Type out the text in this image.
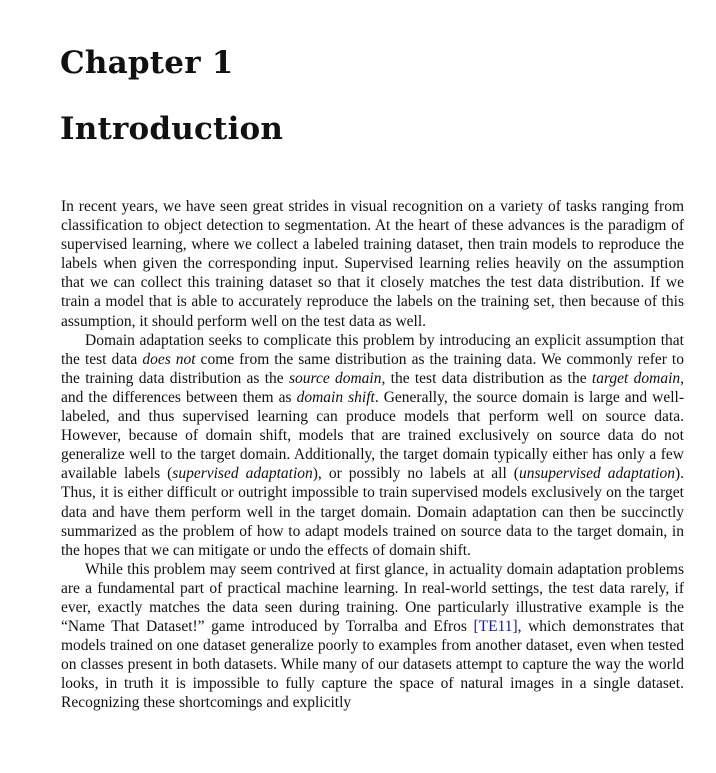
Chapter 1
Introduction

In recent years, we have seen great strides in visual recognition on a variety of tasks ranging from classification to object detection to segmentation. At the heart of these advances is the paradigm of supervised learning, where we collect a labeled training dataset, then train models to reproduce the labels when given the corresponding input. Supervised learning relies heavily on the assumption that we can collect this training dataset so that it closely matches the test data distribution. If we train a model that is able to accurately reproduce the labels on the training set, then because of this assumption, it should perform well on the test data as well.

Domain adaptation seeks to complicate this problem by introducing an explicit assumption that the test data does not come from the same distribution as the training data. We commonly refer to the training data distribution as the source domain, the test data distribution as the target domain, and the differences between them as domain shift. Generally, the source domain is large and well-labeled, and thus supervised learning can produce models that perform well on source data. However, because of domain shift, models that are trained exclusively on source data do not generalize well to the target domain. Additionally, the target domain typically either has only a few available labels (supervised adaptation), or possibly no labels at all (unsupervised adaptation). Thus, it is either difficult or outright impossible to train supervised models exclusively on the target data and have them perform well in the target domain. Domain adaptation can then be succinctly summarized as the problem of how to adapt models trained on source data to the target domain, in the hopes that we can mitigate or undo the effects of domain shift.

While this problem may seem contrived at first glance, in actuality domain adaptation problems are a fundamental part of practical machine learning. In real-world settings, the test data rarely, if ever, exactly matches the data seen during training. One particularly illustrative example is the “Name That Dataset!” game introduced by Torralba and Efros [TE11], which demonstrates that models trained on one dataset generalize poorly to examples from another dataset, even when tested on classes present in both datasets. While many of our datasets attempt to capture the way the world looks, in truth it is impossible to fully capture the space of natural images in a single dataset. Recognizing these shortcomings and explicitly
